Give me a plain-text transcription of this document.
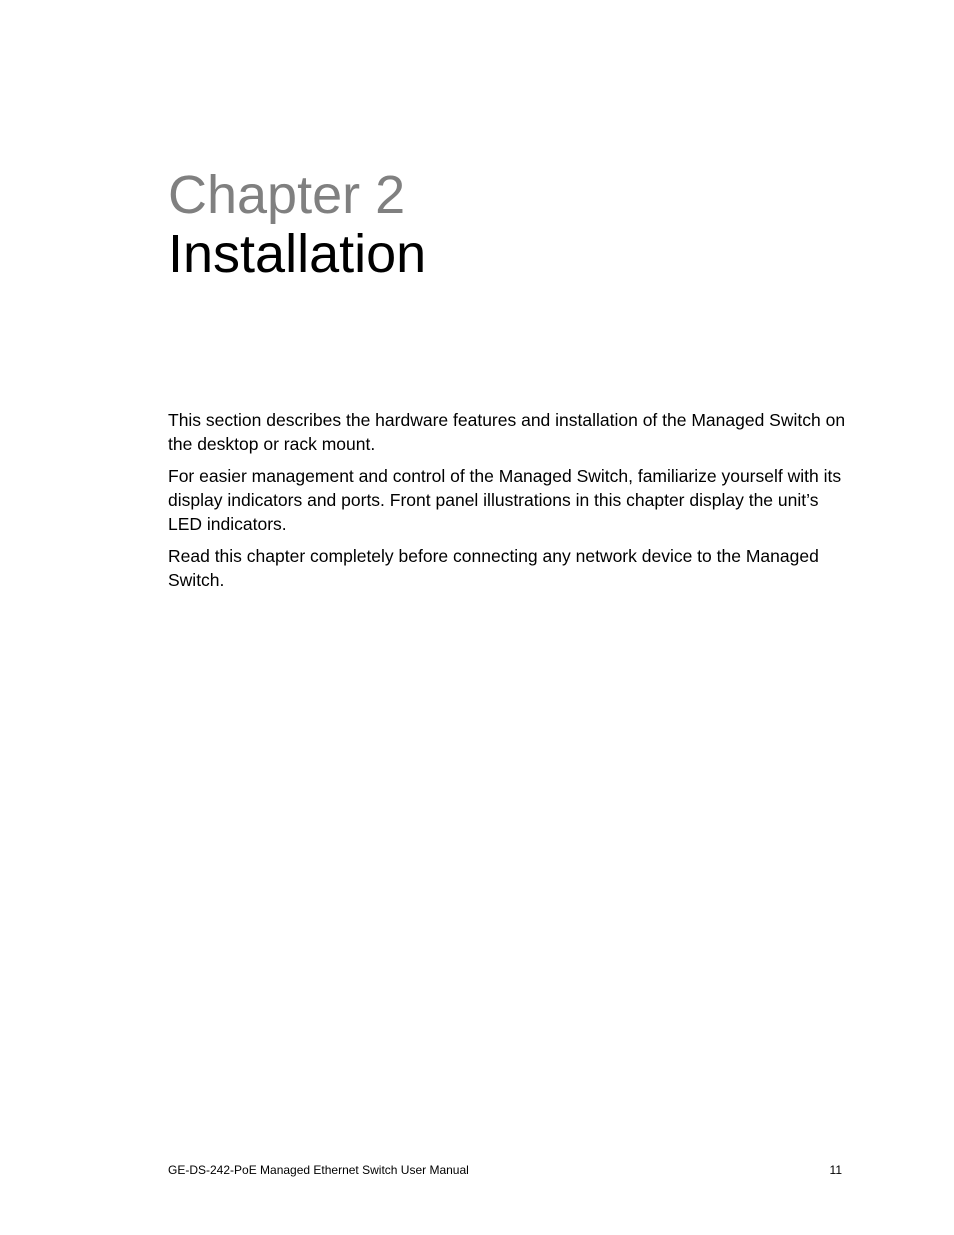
Chapter 2
Installation

This section describes the hardware features and installation of the Managed Switch on the desktop or rack mount.

For easier management and control of the Managed Switch, familiarize yourself with its display indicators and ports. Front panel illustrations in this chapter display the unit’s LED indicators.

Read this chapter completely before connecting any network device to the Managed Switch.

GE-DS-242-PoE Managed Ethernet Switch User Manual	11
